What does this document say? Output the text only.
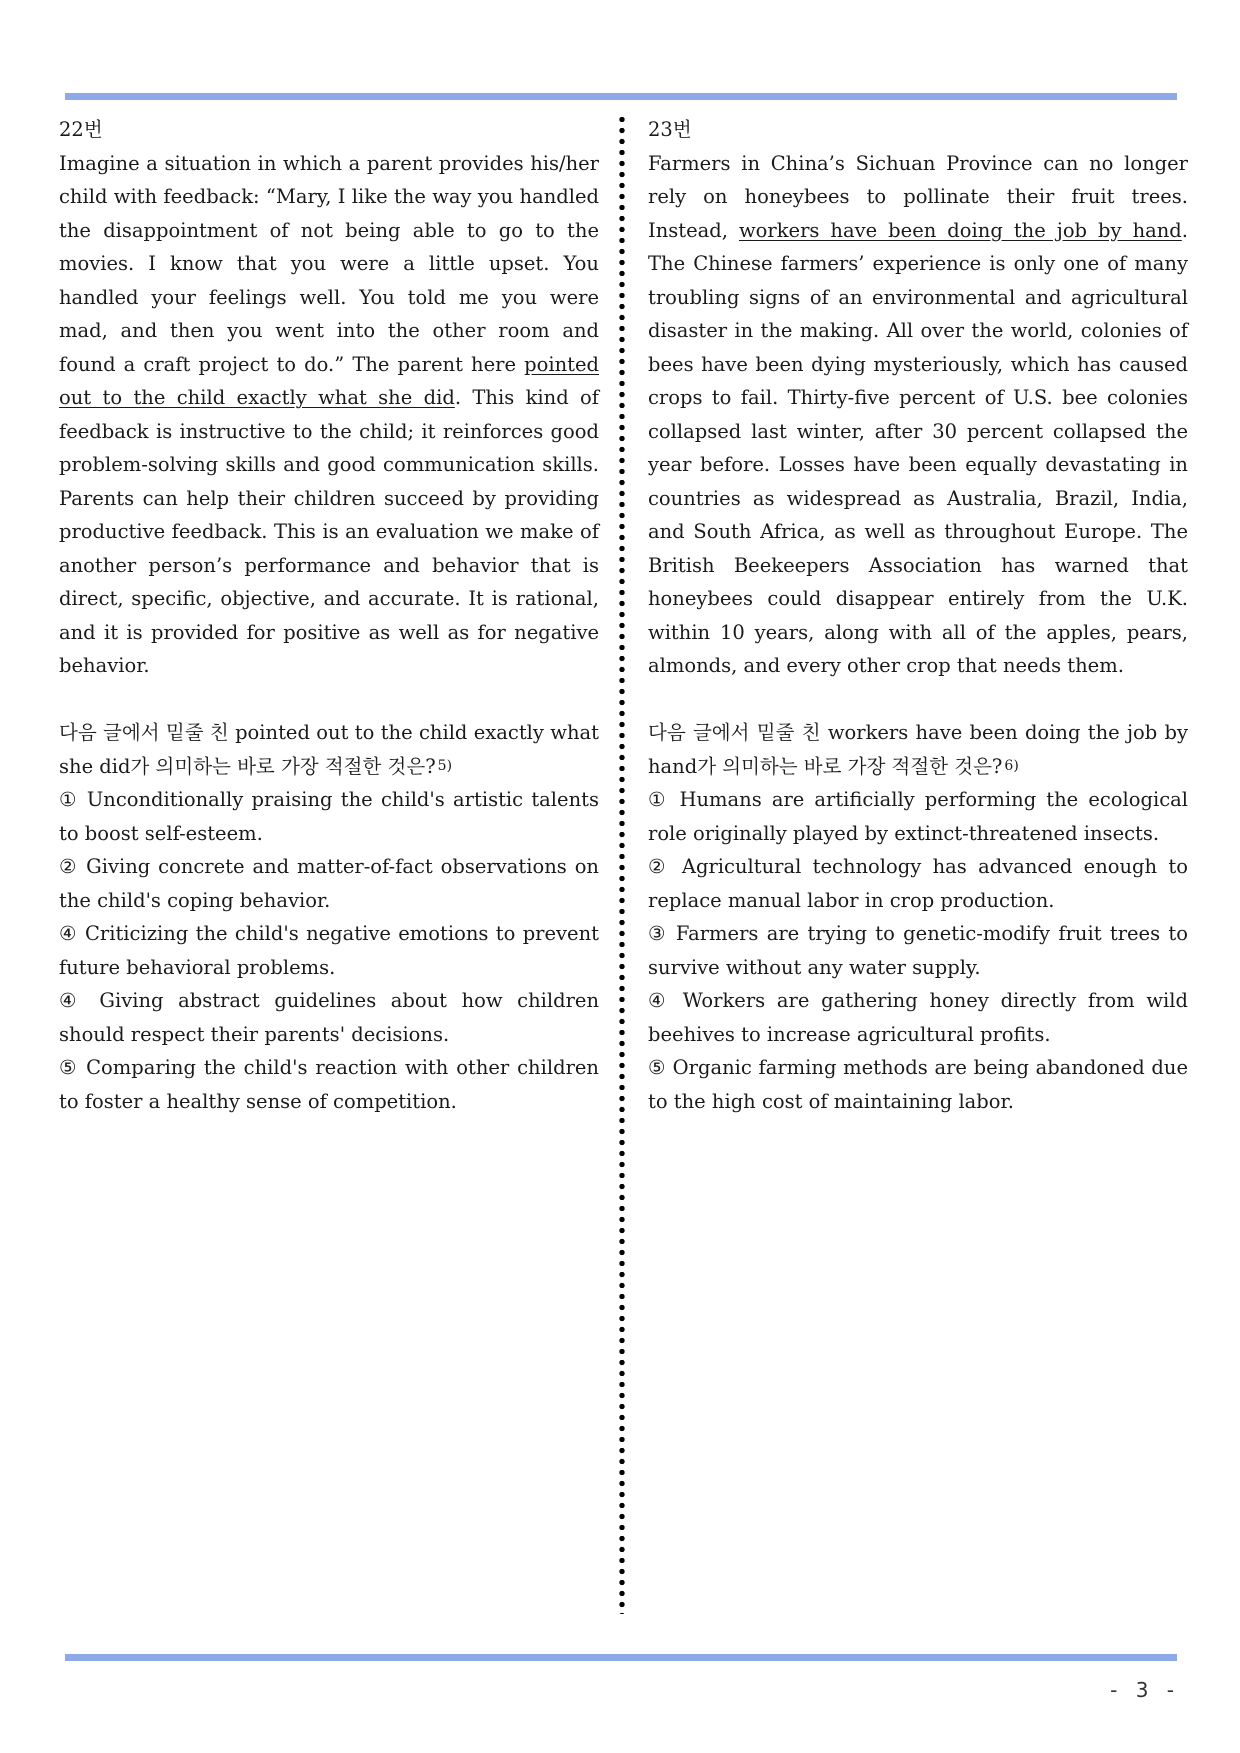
22번

Imagine a situation in which a parent provides his/her child with feedback: “Mary, I like the way you handled the disappointment of not being able to go to the movies. I know that you were a little upset. You handled your feelings well. You told me you were mad, and then you went into the other room and found a craft project to do.” The parent here pointed out to the child exactly what she did. This kind of feedback is instructive to the child; it reinforces good problem-solving skills and good communication skills. Parents can help their children succeed by providing productive feedback. This is an evaluation we make of another person’s performance and behavior that is direct, specific, objective, and accurate. It is rational, and it is provided for positive as well as for negative behavior.

다음 글에서 밑줄 친 pointed out to the child exactly what she did가 의미하는 바로 가장 적절한 것은? 5)

① Unconditionally praising the child's artistic talents to boost self-esteem.

② Giving concrete and matter-of-fact observations on the child's coping behavior.

④ Criticizing the child's negative emotions to prevent future behavioral problems.

④ Giving abstract guidelines about how children should respect their parents' decisions.

⑤ Comparing the child's reaction with other children to foster a healthy sense of competition.

23번

Farmers in China’s Sichuan Province can no longer rely on honeybees to pollinate their fruit trees. Instead, workers have been doing the job by hand. The Chinese farmers’ experience is only one of many troubling signs of an environmental and agricultural disaster in the making. All over the world, colonies of bees have been dying mysteriously, which has caused crops to fail. Thirty-five percent of U.S. bee colonies collapsed last winter, after 30 percent collapsed the year before. Losses have been equally devastating in countries as widespread as Australia, Brazil, India, and South Africa, as well as throughout Europe. The British Beekeepers Association has warned that honeybees could disappear entirely from the U.K. within 10 years, along with all of the apples, pears, almonds, and every other crop that needs them.

다음 글에서 밑줄 친 workers have been doing the job by hand가 의미하는 바로 가장 적절한 것은? 6)

① Humans are artificially performing the ecological role originally played by extinct-threatened insects.

② Agricultural technology has advanced enough to replace manual labor in crop production.

③ Farmers are trying to genetic-modify fruit trees to survive without any water supply.

④ Workers are gathering honey directly from wild beehives to increase agricultural profits.

⑤ Organic farming methods are being abandoned due to the high cost of maintaining labor.

- 3 -
